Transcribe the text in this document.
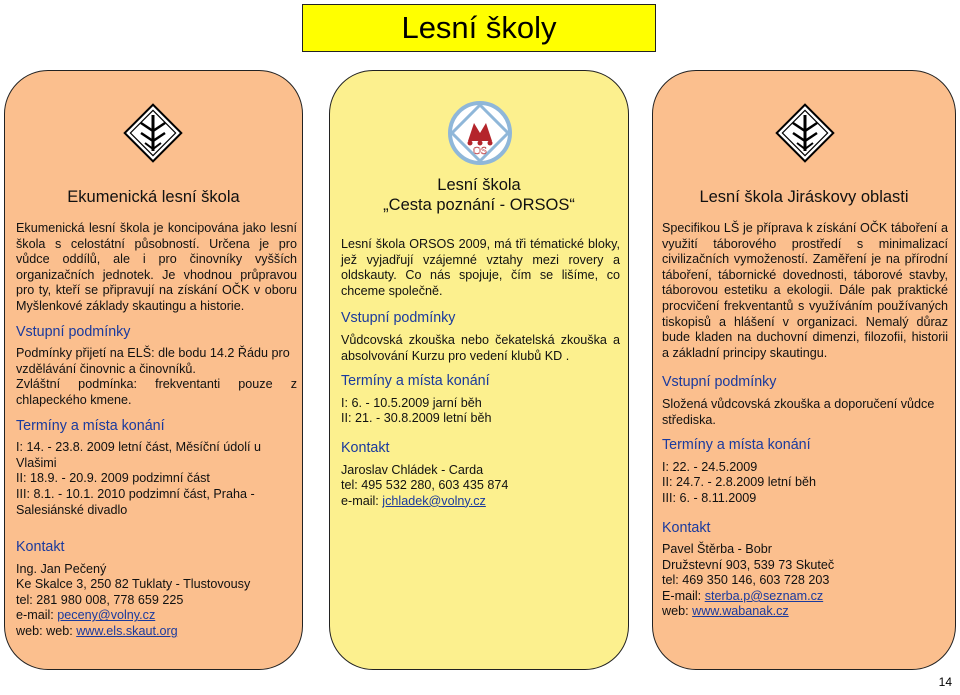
Lesní školy
Ekumenická lesní škola

Ekumenická lesní škola je koncipována jako lesní škola s celostátní působností. Určena je pro vůdce oddílů, ale i pro činovníky vyšších organizačních jednotek. Je vhodnou průpravou pro ty, kteří se připravují na získání OČK v oboru Myšlenkové základy skautingu a historie.

Vstupní podmínky

Podmínky přijetí na ELŠ: dle bodu 14.2 Řádu pro vzdělávání činovnic a činovníků.

Zvláštní podmínka: frekventanti pouze z chlapeckého kmene.

Termíny a místa konání

I: 14. - 23.8. 2009 letní část, Měsíční údolí u Vlašimi

II: 18.9. - 20.9. 2009 podzimní část

III: 8.1. - 10.1. 2010 podzimní část, Praha - Salesiánské divadlo

Kontakt

Ing. Jan Pečený

Ke Skalce 3, 250 82 Tuklaty - Tlustovousy

tel: 281 980 008, 778 659 225

e-mail: peceny@volny.cz

web: web: www.els.skaut.org

OS
Lesní škola
„Cesta poznání - ORSOS“

Lesní škola ORSOS 2009, má tři tématické bloky, jež vyjadřují vzájemné vztahy mezi rovery a oldskauty. Co nás spojuje, čím se lišíme, co chceme společně.

Vstupní podmínky

Vůdcovská zkouška nebo čekatelská zkouška a absolvování Kurzu pro vedení klubů KD .

Termíny a místa konání

I: 6. - 10.5.2009 jarní běh

II: 21. - 30.8.2009 letní běh

Kontakt

Jaroslav Chládek - Carda

tel: 495 532 280, 603 435 874

e-mail: jchladek@volny.cz

Lesní škola Jiráskovy oblasti

Specifikou LŠ je příprava k získání OČK táboření a využití táborového prostředí s minimalizací civilizačních vymožeností. Zaměření je na přírodní táboření, tábornické dovednosti, táborové stavby, táborovou estetiku a ekologii. Dále pak praktické procvičení frekventantů s využíváním používaných tiskopisů a hlášení v organizaci. Nemalý důraz bude kladen na duchovní dimenzi, filozofii, historii a základní principy skautingu.

Vstupní podmínky

Složená vůdcovská zkouška a doporučení vůdce střediska.

Termíny a místa konání

I: 22. - 24.5.2009

II: 24.7. - 2.8.2009 letní běh

III: 6. - 8.11.2009

Kontakt

Pavel Štěrba - Bobr

Družstevní 903, 539 73 Skuteč

tel: 469 350 146, 603 728 203

E-mail: sterba.p@seznam.cz

web: www.wabanak.cz

14
